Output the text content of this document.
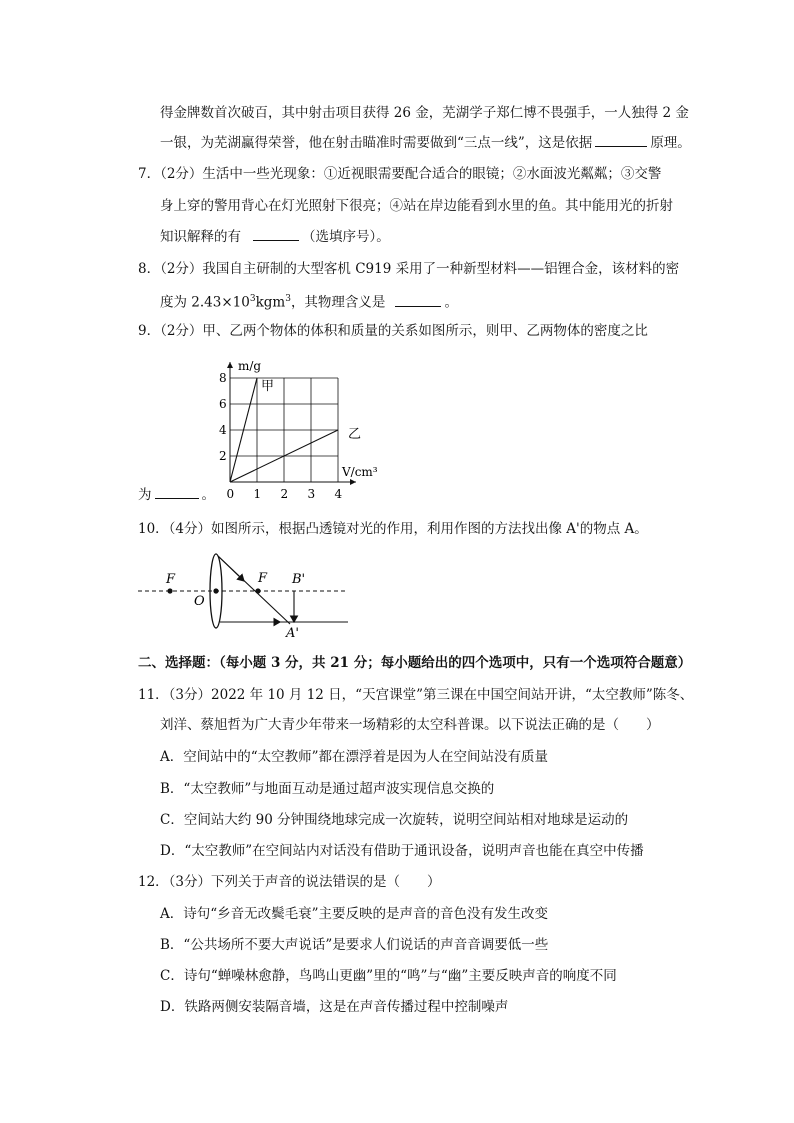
得金牌数首次破百，其中射击项目获得 26 金，芜湖学子郑仁博不畏强手，一人独得 2 金
一银，为芜湖赢得荣誉，他在射击瞄准时需要做到“三点一线”，这是依据	原理。
7．（2分）生活中一些光现象：①近视眼需要配合适合的眼镜；②水面波光粼粼；③交警
身上穿的警用背心在灯光照射下很亮；④站在岸边能看到水里的鱼。其中能用光的折射
知识解释的有	（选填序号）。
8．（2分）我国自主研制的大型客机 C919 采用了一种新型材料——铝锂合金，该材料的密
度为 $2.43\times 10^3kgm^3$，其物理含义是	。
9．（2分）甲、乙两个物体的体积和质量的关系如图所示，则甲、乙两物体的密度之比
0 1 2 3 4
2
4
6
8
m/g
V/cm³
甲
乙
为	。
10．（4分）如图所示，根据凸透镜对光的作用，利用作图的方法找出像 A'的物点 A。
F
O
F B'
A'
二、选择题：（每小题 3 分，共 21 分；每小题给出的四个选项中，只有一个选项符合题意）
11．（3分）2022 年 10 月 12 日，“天宫课堂”第三课在中国空间站开讲，“太空教师”陈冬、
刘洋、蔡旭哲为广大青少年带来一场精彩的太空科普课。以下说法正确的是（　　）
A．空间站中的“太空教师”都在漂浮着是因为人在空间站没有质量
B．“太空教师”与地面互动是通过超声波实现信息交换的
C．空间站大约 90 分钟围绕地球完成一次旋转，说明空间站相对地球是运动的
D．“太空教师”在空间站内对话没有借助于通讯设备，说明声音也能在真空中传播
12．（3分）下列关于声音的说法错误的是（　　）
A．诗句“乡音无改鬓毛衰”主要反映的是声音的音色没有发生改变
B．“公共场所不要大声说话”是要求人们说话的声音音调要低一些
C．诗句“蝉噪林愈静，鸟鸣山更幽”里的“鸣”与“幽”主要反映声音的响度不同
D．铁路两侧安装隔音墙，这是在声音传播过程中控制噪声
